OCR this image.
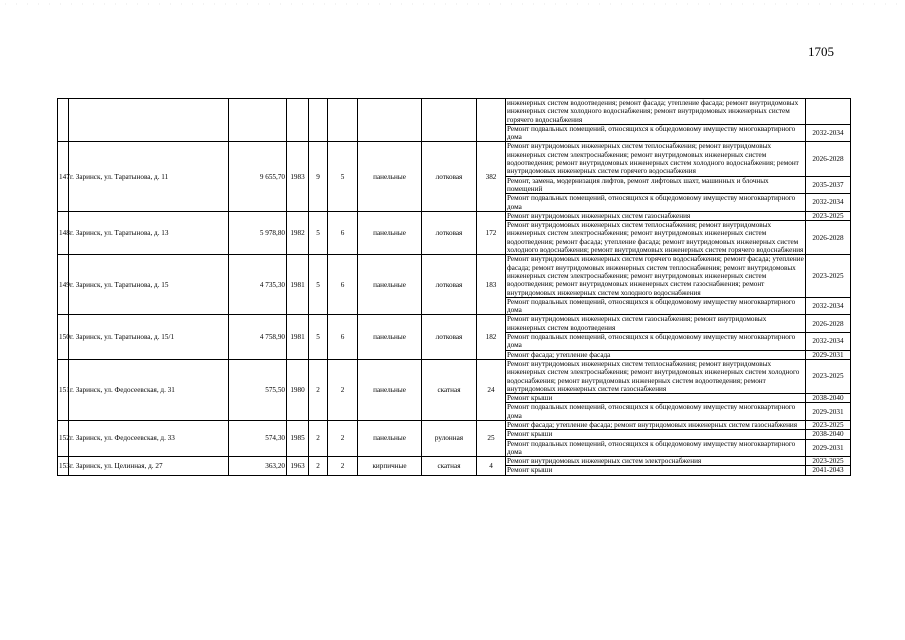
1705
									инженерных систем водоотведения; ремонт фасада; утепление фасада; ремонт внутридомовых инженерных систем холодного водоснабжения; ремонт внутридомовых инженерных систем горячего водоснабжения	
									Ремонт подвальных помещений, относящихся к общедомовому имуществу многоквартирного дома	2032-2034
147	г. Заринск, ул. Таратынова, д. 11	9 655,70	1983	9	5	панельные	лотковая	382	Ремонт внутридомовых инженерных систем теплоснабжения; ремонт внутридомовых инженерных систем электроснабжения; ремонт внутридомовых инженерных систем водоотведения; ремонт внутридомовых инженерных систем холодного водоснабжения; ремонт внутридомовых инженерных систем горячего водоснабжения	2026-2028
									Ремонт, замена, модернизация лифтов, ремонт лифтовых шахт, машинных и блочных помещений	2035-2037
									Ремонт подвальных помещений, относящихся к общедомовому имуществу многоквартирного дома	2032-2034
148	г. Заринск, ул. Таратынова, д. 13	5 978,80	1982	5	6	панельные	лотковая	172	Ремонт внутридомовых инженерных систем газоснабжения	2023-2025
									Ремонт внутридомовых инженерных систем теплоснабжения; ремонт внутридомовых инженерных систем электроснабжения; ремонт внутридомовых инженерных систем водоотведения; ремонт фасада; утепление фасада; ремонт внутридомовых инженерных систем холодного водоснабжения; ремонт внутридомовых инженерных систем горячего водоснабжения	2026-2028
149	г. Заринск, ул. Таратынова, д. 15	4 735,30	1981	5	6	панельные	лотковая	183	Ремонт внутридомовых инженерных систем горячего водоснабжения; ремонт фасада; утепление фасада; ремонт внутридомовых инженерных систем теплоснабжения; ремонт внутридомовых инженерных систем электроснабжения; ремонт внутридомовых инженерных систем водоотведения; ремонт внутридомовых инженерных систем газоснабжения; ремонт внутридомовых инженерных систем холодного водоснабжения	2023-2025
									Ремонт подвальных помещений, относящихся к общедомовому имуществу многоквартирного дома	2032-2034
150	г. Заринск, ул. Таратынова, д. 15/1	4 758,90	1981	5	6	панельные	лотковая	182	Ремонт внутридомовых инженерных систем газоснабжения; ремонт внутридомовых инженерных систем водоотведения	2026-2028
									Ремонт подвальных помещений, относящихся к общедомовому имуществу многоквартирного дома	2032-2034
									Ремонт фасада; утепление фасада	2029-2031
151	г. Заринск, ул. Федосеевская, д. 31	575,50	1980	2	2	панельные	скатная	24	Ремонт внутридомовых инженерных систем теплоснабжения; ремонт внутридомовых инженерных систем электроснабжения; ремонт внутридомовых инженерных систем холодного водоснабжения; ремонт внутридомовых инженерных систем водоотведения; ремонт внутридомовых инженерных систем газоснабжения	2023-2025
									Ремонт крыши	2038-2040
									Ремонт подвальных помещений, относящихся к общедомовому имуществу многоквартирного дома	2029-2031
152	г. Заринск, ул. Федосеевская, д. 33	574,30	1985	2	2	панельные	рулонная	25	Ремонт фасада; утепление фасада; ремонт внутридомовых инженерных систем газоснабжения	2023-2025
									Ремонт крыши	2038-2040
									Ремонт подвальных помещений, относящихся к общедомовому имуществу многоквартирного дома	2029-2031
153	г. Заринск, ул. Целинная, д. 27	363,20	1963	2	2	кирпичные	скатная	4	Ремонт внутридомовых инженерных систем электроснабжения	2023-2025
									Ремонт крыши	2041-2043
